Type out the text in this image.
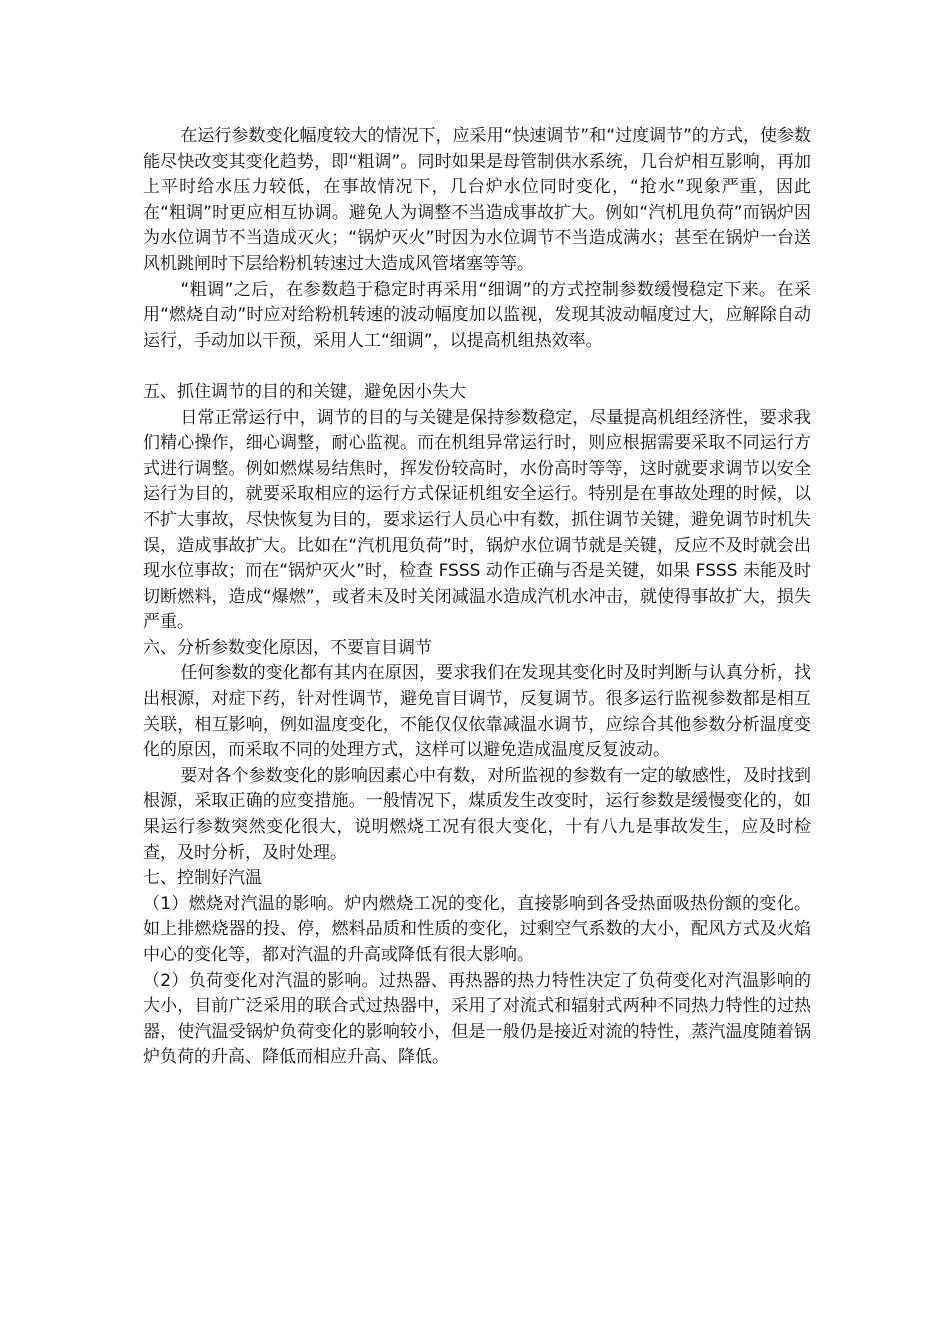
在运行参数变化幅度较大的情况下，应采用“快速调节”和“过度调节”的方式，使参数能尽快改变其变化趋势，即“粗调”。同时如果是母管制供水系统，几台炉相互影响，再加上平时给水压力较低，在事故情况下，几台炉水位同时变化，“抢水”现象严重，因此在“粗调”时更应相互协调。避免人为调整不当造成事故扩大。例如“汽机甩负荷”而锅炉因为水位调节不当造成灭火；“锅炉灭火”时因为水位调节不当造成满水；甚至在锅炉一台送风机跳闸时下层给粉机转速过大造成风管堵塞等等。

“粗调”之后，在参数趋于稳定时再采用“细调”的方式控制参数缓慢稳定下来。在采用“燃烧自动”时应对给粉机转速的波动幅度加以监视，发现其波动幅度过大，应解除自动运行，手动加以干预，采用人工“细调”，以提高机组热效率。

五、抓住调节的目的和关键，避免因小失大

日常正常运行中，调节的目的与关键是保持参数稳定，尽量提高机组经济性，要求我们精心操作，细心调整，耐心监视。而在机组异常运行时，则应根据需要采取不同运行方式进行调整。例如燃煤易结焦时，挥发份较高时，水份高时等等，这时就要求调节以安全运行为目的，就要采取相应的运行方式保证机组安全运行。特别是在事故处理的时候，以不扩大事故，尽快恢复为目的，要求运行人员心中有数，抓住调节关键，避免调节时机失误，造成事故扩大。比如在“汽机甩负荷”时，锅炉水位调节就是关键，反应不及时就会出现水位事故；而在“锅炉灭火”时，检查 FSSS 动作正确与否是关键，如果 FSSS 未能及时切断燃料，造成“爆燃”，或者未及时关闭减温水造成汽机水冲击，就使得事故扩大，损失严重。

六、分析参数变化原因，不要盲目调节

任何参数的变化都有其内在原因，要求我们在发现其变化时及时判断与认真分析，找出根源，对症下药，针对性调节，避免盲目调节，反复调节。很多运行监视参数都是相互关联，相互影响，例如温度变化，不能仅仅依靠减温水调节，应综合其他参数分析温度变化的原因，而采取不同的处理方式，这样可以避免造成温度反复波动。

要对各个参数变化的影响因素心中有数，对所监视的参数有一定的敏感性，及时找到根源，采取正确的应变措施。一般情况下，煤质发生改变时，运行参数是缓慢变化的，如果运行参数突然变化很大，说明燃烧工况有很大变化，十有八九是事故发生，应及时检查，及时分析，及时处理。

七、控制好汽温

（1）燃烧对汽温的影响。炉内燃烧工况的变化，直接影响到各受热面吸热份额的变化。如上排燃烧器的投、停，燃料品质和性质的变化，过剩空气系数的大小，配风方式及火焰中心的变化等，都对汽温的升高或降低有很大影响。

（2）负荷变化对汽温的影响。过热器、再热器的热力特性决定了负荷变化对汽温影响的大小，目前广泛采用的联合式过热器中，采用了对流式和辐射式两种不同热力特性的过热器，使汽温受锅炉负荷变化的影响较小，但是一般仍是接近对流的特性，蒸汽温度随着锅炉负荷的升高、降低而相应升高、降低。
